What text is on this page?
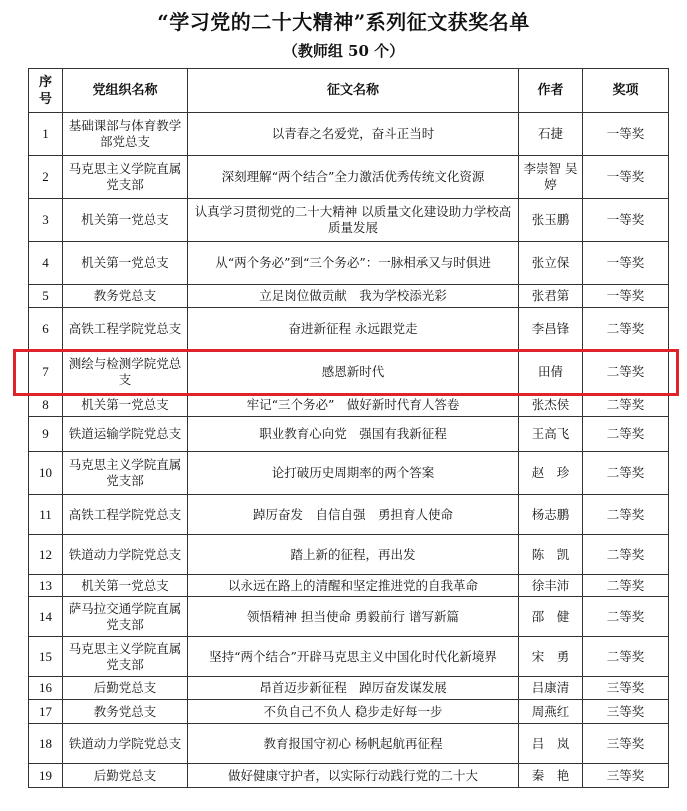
“学习党的二十大精神”系列征文获奖名单
（教师组 50 个）
序号	党组织名称	征文名称	作者	奖项
1	基础课部与体育教学部党总支	以青春之名爱党，奋斗正当时	石捷	一等奖
2	马克思主义学院直属党支部	深刻理解“两个结合”全力激活优秀传统文化资源	李崇智 吴婷	一等奖
3	机关第一党总支	认真学习贯彻党的二十大精神 以质量文化建设助力学校高质量发展	张玉鹏	一等奖
4	机关第一党总支	从“两个务必”到“三个务必”：一脉相承又与时俱进	张立保	一等奖
5	教务党总支	立足岗位做贡献　我为学校添光彩	张君第	一等奖
6	高铁工程学院党总支	奋进新征程 永远跟党走	李昌锋	二等奖
7	测绘与检测学院党总支	感恩新时代	田倩	二等奖
8	机关第一党总支	牢记“三个务必”　做好新时代育人答卷	张杰侯	二等奖
9	铁道运输学院党总支	职业教育心向党　强国有我新征程	王高飞	二等奖
10	马克思主义学院直属党支部	论打破历史周期率的两个答案	赵　珍	二等奖
11	高铁工程学院党总支	踔厉奋发　自信自强　勇担育人使命	杨志鹏	二等奖
12	铁道动力学院党总支	踏上新的征程，再出发	陈　凯	二等奖
13	机关第一党总支	以永远在路上的清醒和坚定推进党的自我革命	徐丰沛	二等奖
14	萨马拉交通学院直属党支部	领悟精神 担当使命 勇毅前行 谱写新篇	邵　健	二等奖
15	马克思主义学院直属党支部	坚持“两个结合”开辟马克思主义中国化时代化新境界	宋　勇	二等奖
16	后勤党总支	昂首迈步新征程　踔厉奋发谋发展	吕康清	三等奖
17	教务党总支	不负自己不负人 稳步走好每一步	周燕红	三等奖
18	铁道动力学院党总支	教育报国守初心 杨帆起航再征程	吕　岚	三等奖
19	后勤党总支	做好健康守护者，以实际行动践行党的二十大	秦　艳	三等奖
